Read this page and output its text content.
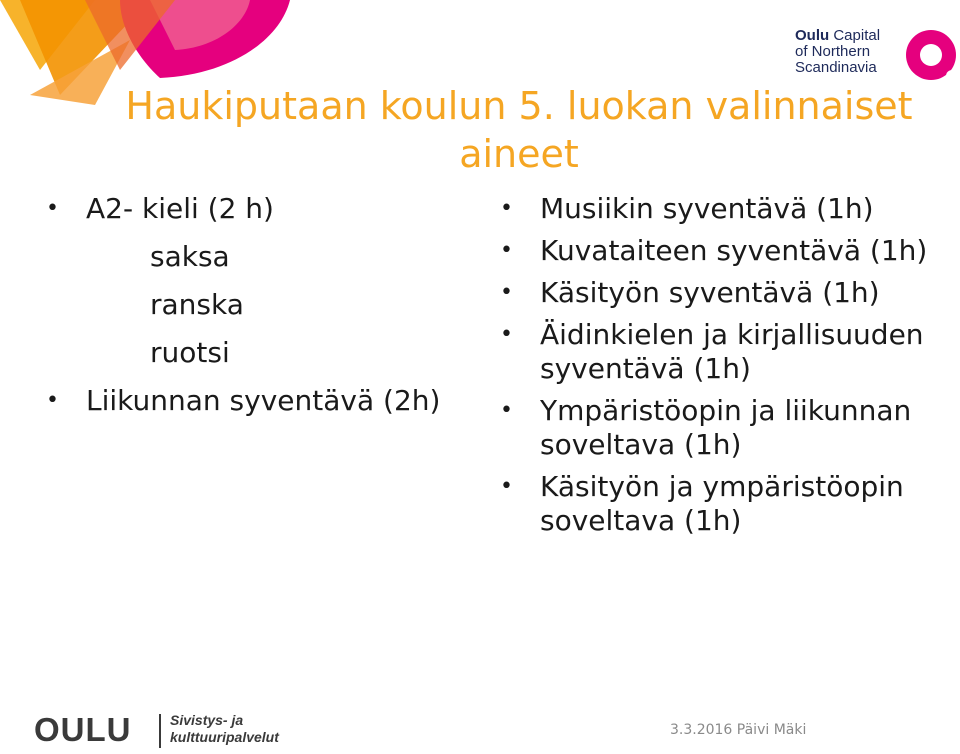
Oulu Capital
of Northern
Scandinavia
Haukiputaan koulun 5. luokan valinnaiset aineet
• A2- kieli (2 h)
saksa
ranska
ruotsi
• Liikunnan syventävä (2h)
• Musiikin syventävä (1h)
• Kuvataiteen syventävä (1h)
• Käsityön syventävä (1h)
• Äidinkielen ja kirjallisuuden syventävä (1h)
• Ympäristöopin ja liikunnan soveltava (1h)
• Käsityön ja ympäristöopin soveltava (1h)
OULU	Sivistys- ja
kulttuuripalvelut	3.3.2016 Päivi Mäki
